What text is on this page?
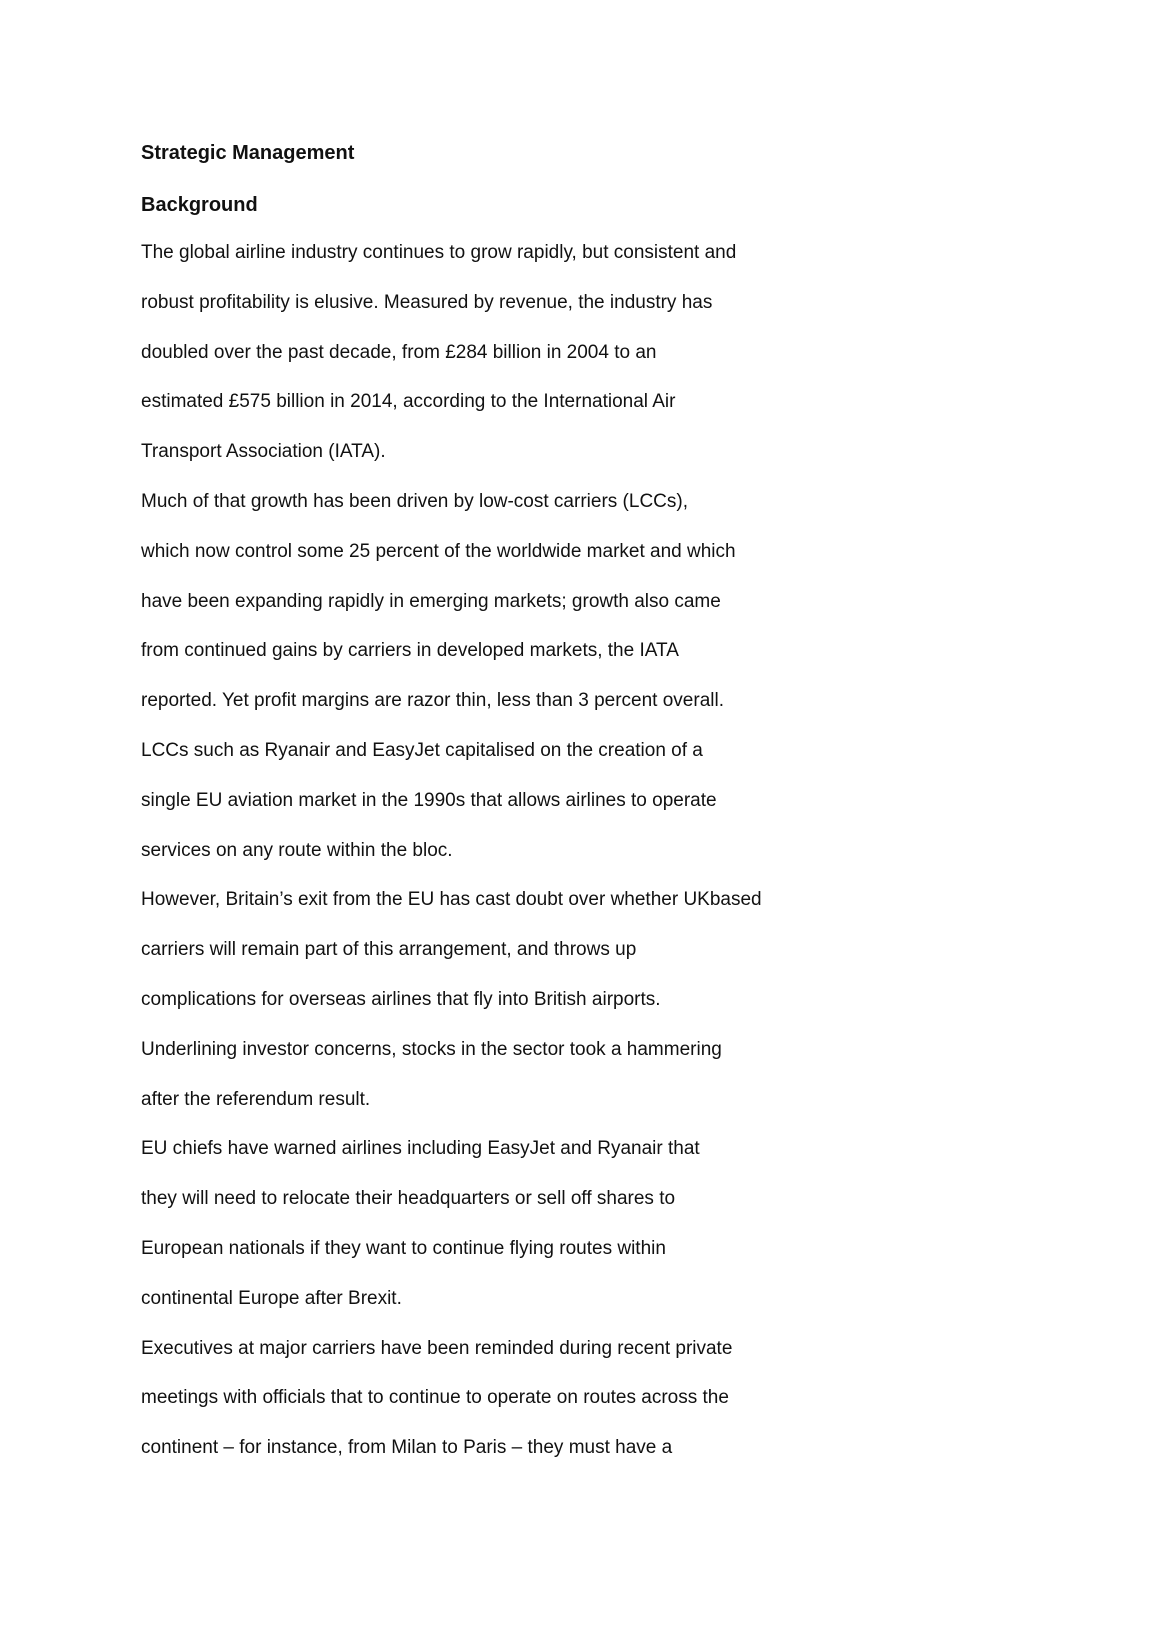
Strategic Management
Background

The global airline industry continues to grow rapidly, but consistent and

robust profitability is elusive. Measured by revenue, the industry has

doubled over the past decade, from £284 billion in 2004 to an

estimated £575 billion in 2014, according to the International Air

Transport Association (IATA).

Much of that growth has been driven by low-cost carriers (LCCs),

which now control some 25 percent of the worldwide market and which

have been expanding rapidly in emerging markets; growth also came

from continued gains by carriers in developed markets, the IATA

reported. Yet profit margins are razor thin, less than 3 percent overall.

LCCs such as Ryanair and EasyJet capitalised on the creation of a

single EU aviation market in the 1990s that allows airlines to operate

services on any route within the bloc.

However, Britain’s exit from the EU has cast doubt over whether UKbased

carriers will remain part of this arrangement, and throws up

complications for overseas airlines that fly into British airports.

Underlining investor concerns, stocks in the sector took a hammering

after the referendum result.

EU chiefs have warned airlines including EasyJet and Ryanair that

they will need to relocate their headquarters or sell off shares to

European nationals if they want to continue flying routes within

continental Europe after Brexit.

Executives at major carriers have been reminded during recent private

meetings with officials that to continue to operate on routes across the

continent – for instance, from Milan to Paris – they must have a
